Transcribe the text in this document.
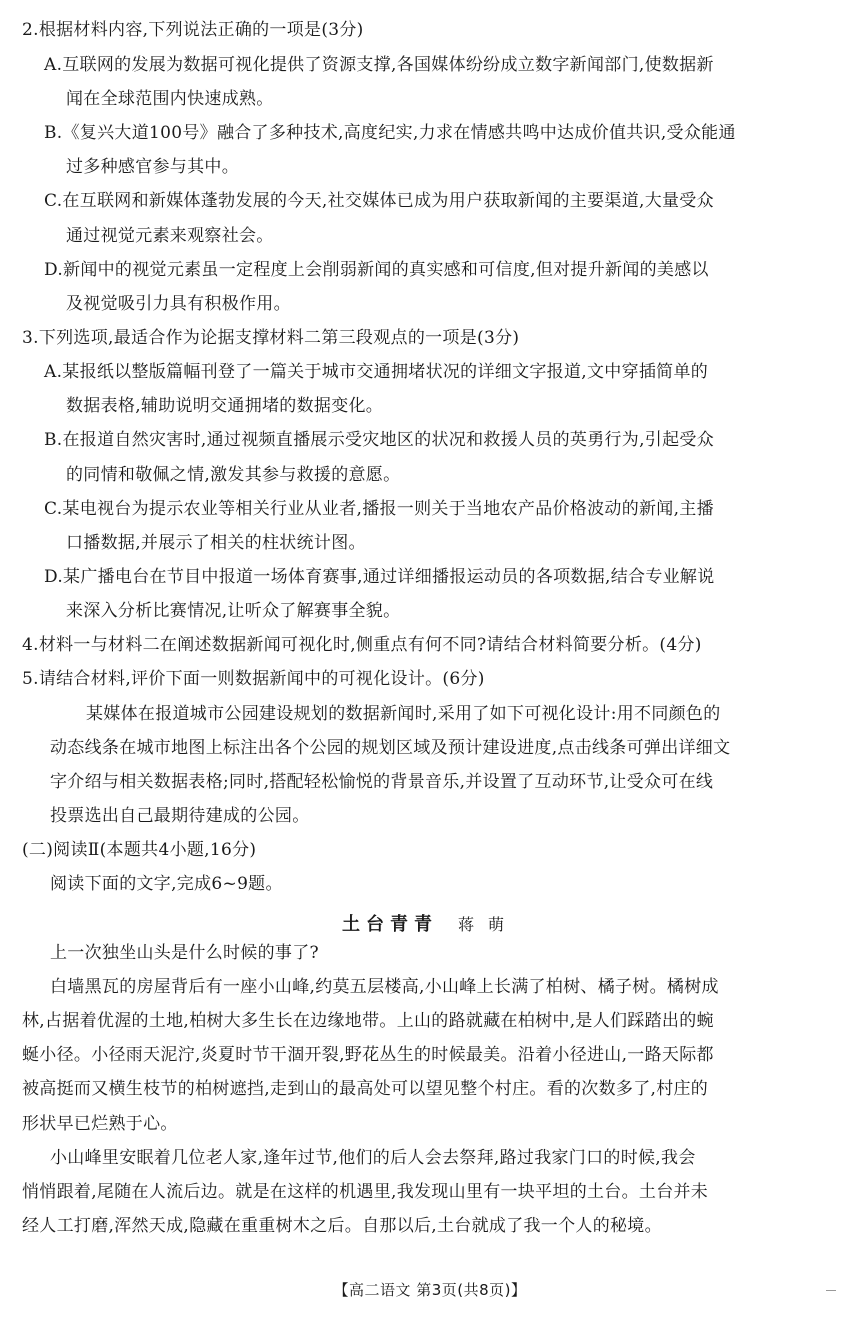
2.根据材料内容,下列说法正确的一项是(3分)
A.互联网的发展为数据可视化提供了资源支撑,各国媒体纷纷成立数字新闻部门,使数据新
闻在全球范围内快速成熟。
B.《复兴大道100号》融合了多种技术,高度纪实,力求在情感共鸣中达成价值共识,受众能通
过多种感官参与其中。
C.在互联网和新媒体蓬勃发展的今天,社交媒体已成为用户获取新闻的主要渠道,大量受众
通过视觉元素来观察社会。
D.新闻中的视觉元素虽一定程度上会削弱新闻的真实感和可信度,但对提升新闻的美感以
及视觉吸引力具有积极作用。
3.下列选项,最适合作为论据支撑材料二第三段观点的一项是(3分)
A.某报纸以整版篇幅刊登了一篇关于城市交通拥堵状况的详细文字报道,文中穿插简单的
数据表格,辅助说明交通拥堵的数据变化。
B.在报道自然灾害时,通过视频直播展示受灾地区的状况和救援人员的英勇行为,引起受众
的同情和敬佩之情,激发其参与救援的意愿。
C.某电视台为提示农业等相关行业从业者,播报一则关于当地农产品价格波动的新闻,主播
口播数据,并展示了相关的柱状统计图。
D.某广播电台在节目中报道一场体育赛事,通过详细播报运动员的各项数据,结合专业解说
来深入分析比赛情况,让听众了解赛事全貌。
4.材料一与材料二在阐述数据新闻可视化时,侧重点有何不同?请结合材料简要分析。(4分)
5.请结合材料,评价下面一则数据新闻中的可视化设计。(6分)
某媒体在报道城市公园建设规划的数据新闻时,采用了如下可视化设计:用不同颜色的
动态线条在城市地图上标注出各个公园的规划区域及预计建设进度,点击线条可弹出详细文
字介绍与相关数据表格;同时,搭配轻松愉悦的背景音乐,并设置了互动环节,让受众可在线
投票选出自己最期待建成的公园。
(二)阅读Ⅱ(本题共4小题,16分)
阅读下面的文字,完成6~9题。
土台青青 蒋萌
上一次独坐山头是什么时候的事了?
白墙黑瓦的房屋背后有一座小山峰,约莫五层楼高,小山峰上长满了柏树、橘子树。橘树成
林,占据着优渥的土地,柏树大多生长在边缘地带。上山的路就藏在柏树中,是人们踩踏出的蜿
蜒小径。小径雨天泥泞,炎夏时节干涸开裂,野花丛生的时候最美。沿着小径进山,一路天际都
被高挺而又横生枝节的柏树遮挡,走到山的最高处可以望见整个村庄。看的次数多了,村庄的
形状早已烂熟于心。
小山峰里安眠着几位老人家,逢年过节,他们的后人会去祭拜,路过我家门口的时候,我会
悄悄跟着,尾随在人流后边。就是在这样的机遇里,我发现山里有一块平坦的土台。土台并未
经人工打磨,浑然天成,隐藏在重重树木之后。自那以后,土台就成了我一个人的秘境。
【高二语文 第3页(共8页)】
